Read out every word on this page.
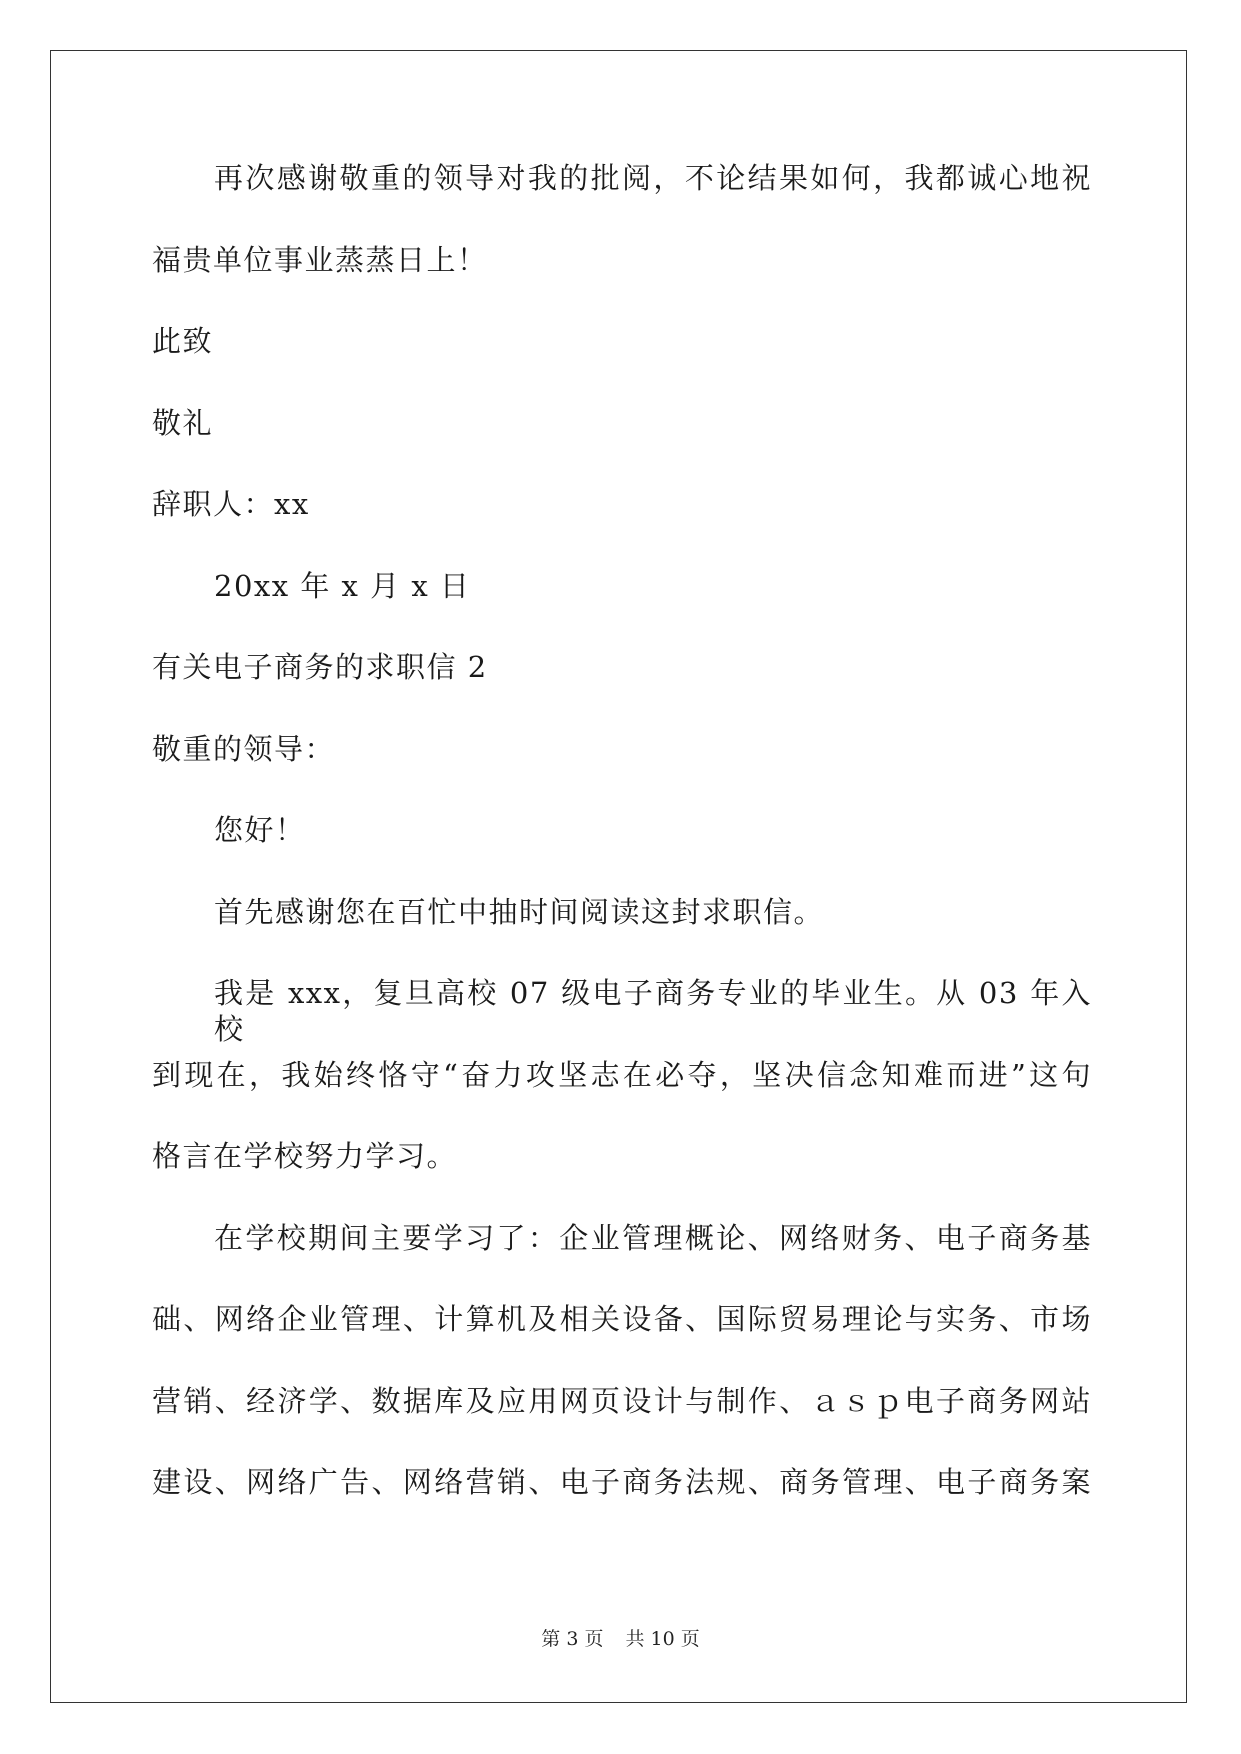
再次感谢敬重的领导对我的批阅，不论结果如何，我都诚心地祝
福贵单位事业蒸蒸日上！
此致
敬礼
辞职人：xx
20xx 年 x 月 x 日
有关电子商务的求职信 2
敬重的领导：
您好！
首先感谢您在百忙中抽时间阅读这封求职信。
我是 xxx，复旦高校 07 级电子商务专业的毕业生。从 03 年入校
到现在，我始终恪守“奋力攻坚志在必夺，坚决信念知难而进”这句
格言在学校努力学习。
在学校期间主要学习了：企业管理概论、网络财务、电子商务基
础、网络企业管理、计算机及相关设备、国际贸易理论与实务、市场
营销、经济学、数据库及应用网页设计与制作、ａｓｐ电子商务网站
建设、网络广告、网络营销、电子商务法规、商务管理、电子商务案
第 3 页 共 10 页
